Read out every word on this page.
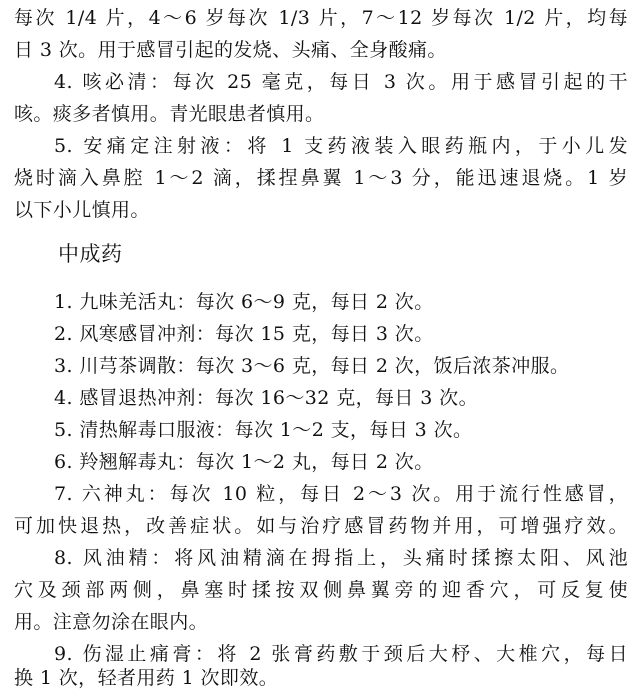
每次 1/4 片，4～6 岁每次 1/3 片，7～12 岁每次 1/2 片，均每
日 3 次。用于感冒引起的发烧、头痛、全身酸痛。
4. 咳必清：每次 25 毫克，每日 3 次。用于感冒引起的干
咳。痰多者慎用。青光眼患者慎用。
5. 安痛定注射液：将 1 支药液装入眼药瓶内，于小儿发
烧时滴入鼻腔 1～2 滴，揉捏鼻翼 1～3 分，能迅速退烧。1 岁
以下小儿慎用。
中成药
1. 九味羌活丸：每次 6～9 克，每日 2 次。
2. 风寒感冒冲剂：每次 15 克，每日 3 次。
3. 川芎茶调散：每次 3～6 克，每日 2 次，饭后浓茶冲服。
4. 感冒退热冲剂：每次 16～32 克，每日 3 次。
5. 清热解毒口服液：每次 1～2 支，每日 3 次。
6. 羚翘解毒丸：每次 1～2 丸，每日 2 次。
7. 六神丸：每次 10 粒，每日 2～3 次。用于流行性感冒，
可加快退热，改善症状。如与治疗感冒药物并用，可增强疗效。
8. 风油精：将风油精滴在拇指上，头痛时揉擦太阳、风池
穴及颈部两侧，鼻塞时揉按双侧鼻翼旁的迎香穴，可反复使
用。注意勿涂在眼内。
9. 伤湿止痛膏：将 2 张膏药敷于颈后大杼、大椎穴，每日
换 1 次，轻者用药 1 次即效。
